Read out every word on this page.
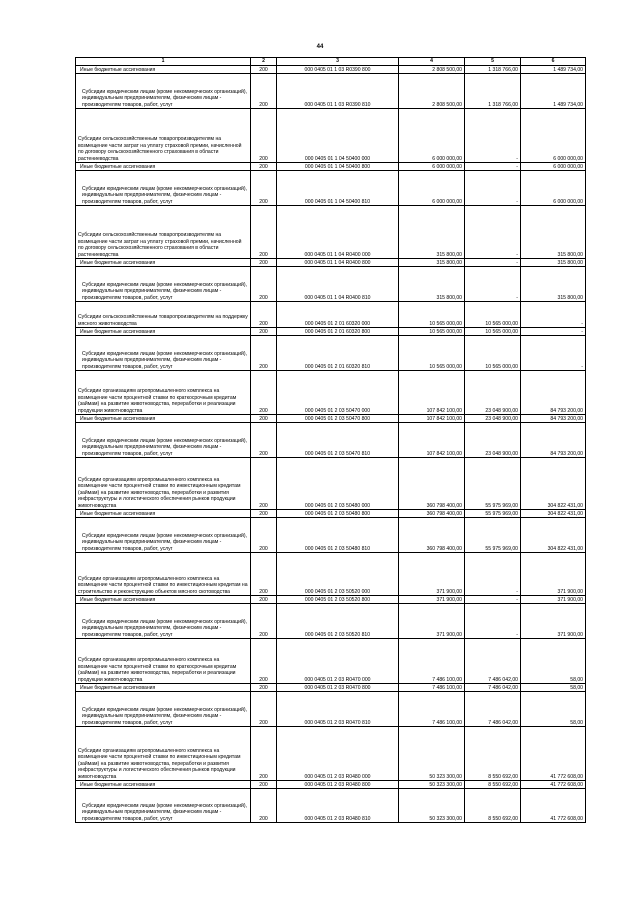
44
1	2	3	4	5	6
Иные бюджетные ассигнования	200	000 0405 01 1 03 R0390 800	2 808 500,00	1 318 766,00	1 489 734,00
Субсидии юридическим лицам (кроме некоммерческих организаций), индивидуальным предпринимателям, физическим лицам - производителям товаров, работ, услуг	200	000 0405 01 1 03 R0390 810	2 808 500,00	1 318 766,00	1 489 734,00
Субсидии сельскохозяйственным товаропроизводителям на возмещение части затрат на уплату страховой премии, начисленной по договору сельскохозяйственного страхования в области растениеводства	200	000 0405 01 1 04 50400 000	6 000 000,00	-	6 000 000,00
Иные бюджетные ассигнования	200	000 0405 01 1 04 50400 800	6 000 000,00	-	6 000 000,00
Субсидии юридическим лицам (кроме некоммерческих организаций), индивидуальным предпринимателям, физическим лицам - производителям товаров, работ, услуг	200	000 0405 01 1 04 50400 810	6 000 000,00	-	6 000 000,00
Субсидии сельскохозяйственным товаропроизводителям на возмещение части затрат на уплату страховой премии, начисленной по договору сельскохозяйственного страхования в области растениеводства	200	000 0405 01 1 04 R0400 000	315 800,00	-	315 800,00
Иные бюджетные ассигнования	200	000 0405 01 1 04 R0400 800	315 800,00	-	315 800,00
Субсидии юридическим лицам (кроме некоммерческих организаций), индивидуальным предпринимателям, физическим лицам - производителям товаров, работ, услуг	200	000 0405 01 1 04 R0400 810	315 800,00	-	315 800,00
Субсидии сельскохозяйственным товаропроизводителям на поддержку мясного животноводства	200	000 0405 01 2 01 60320 000	10 565 000,00	10 565 000,00	-
Иные бюджетные ассигнования	200	000 0405 01 2 01 60320 800	10 565 000,00	10 565 000,00	-
Субсидии юридическим лицам (кроме некоммерческих организаций), индивидуальным предпринимателям, физическим лицам - производителям товаров, работ, услуг	200	000 0405 01 2 01 60320 810	10 565 000,00	10 565 000,00	-
Субсидии организациям агропромышленного комплекса на возмещение части процентной ставки по краткосрочным кредитам (займам) на развитие животноводства, переработки и реализации продукции животноводства	200	000 0405 01 2 03 50470 000	107 842 100,00	23 048 900,00	84 793 200,00
Иные бюджетные ассигнования	200	000 0405 01 2 03 50470 800	107 842 100,00	23 048 900,00	84 793 200,00
Субсидии юридическим лицам (кроме некоммерческих организаций), индивидуальным предпринимателям, физическим лицам - производителям товаров, работ, услуг	200	000 0405 01 2 03 50470 810	107 842 100,00	23 048 900,00	84 793 200,00
Субсидии организациям агропромышленного комплекса на возмещение части процентной ставки по инвестиционным кредитам (займам) на развитие животноводства, переработки и развития инфраструктуры и логистического обеспечения рынков продукции животноводства	200	000 0405 01 2 03 50480 000	360 798 400,00	55 975 969,00	304 822 431,00
Иные бюджетные ассигнования	200	000 0405 01 2 03 50480 800	360 798 400,00	55 975 969,00	304 822 431,00
Субсидии юридическим лицам (кроме некоммерческих организаций), индивидуальным предпринимателям, физическим лицам - производителям товаров, работ, услуг	200	000 0405 01 2 03 50480 810	360 798 400,00	55 975 969,00	304 822 431,00
Субсидии организациям агропромышленного комплекса на возмещение части процентной ставки по инвестиционным кредитам на строительство и реконструкцию объектов мясного скотоводства	200	000 0405 01 2 03 50520 000	371 900,00	-	371 900,00
Иные бюджетные ассигнования	200	000 0405 01 2 03 50520 800	371 900,00	-	371 900,00
Субсидии юридическим лицам (кроме некоммерческих организаций), индивидуальным предпринимателям, физическим лицам - производителям товаров, работ, услуг	200	000 0405 01 2 03 50520 810	371 900,00	-	371 900,00
Субсидии организациям агропромышленного комплекса на возмещение части процентной ставки по краткосрочным кредитам (займам) на развитие животноводства, переработки и реализации продукции животноводства	200	000 0405 01 2 03 R0470 000	7 486 100,00	7 486 042,00	58,00
Иные бюджетные ассигнования	200	000 0405 01 2 03 R0470 800	7 486 100,00	7 486 042,00	58,00
Субсидии юридическим лицам (кроме некоммерческих организаций), индивидуальным предпринимателям, физическим лицам - производителям товаров, работ, услуг	200	000 0405 01 2 03 R0470 810	7 486 100,00	7 486 042,00	58,00
Субсидии организациям агропромышленного комплекса на возмещение части процентной ставки по инвестиционным кредитам (займам) на развитие животноводства, переработки и развития инфраструктуры и логистического обеспечения рынков продукции животноводства	200	000 0405 01 2 03 R0480 000	50 323 300,00	8 550 692,00	41 772 608,00
Иные бюджетные ассигнования	200	000 0405 01 2 03 R0480 800	50 323 300,00	8 550 692,00	41 772 608,00
Субсидии юридическим лицам (кроме некоммерческих организаций), индивидуальным предпринимателям, физическим лицам - производителям товаров, работ, услуг	200	000 0405 01 2 03 R0480 810	50 323 300,00	8 550 692,00	41 772 608,00
